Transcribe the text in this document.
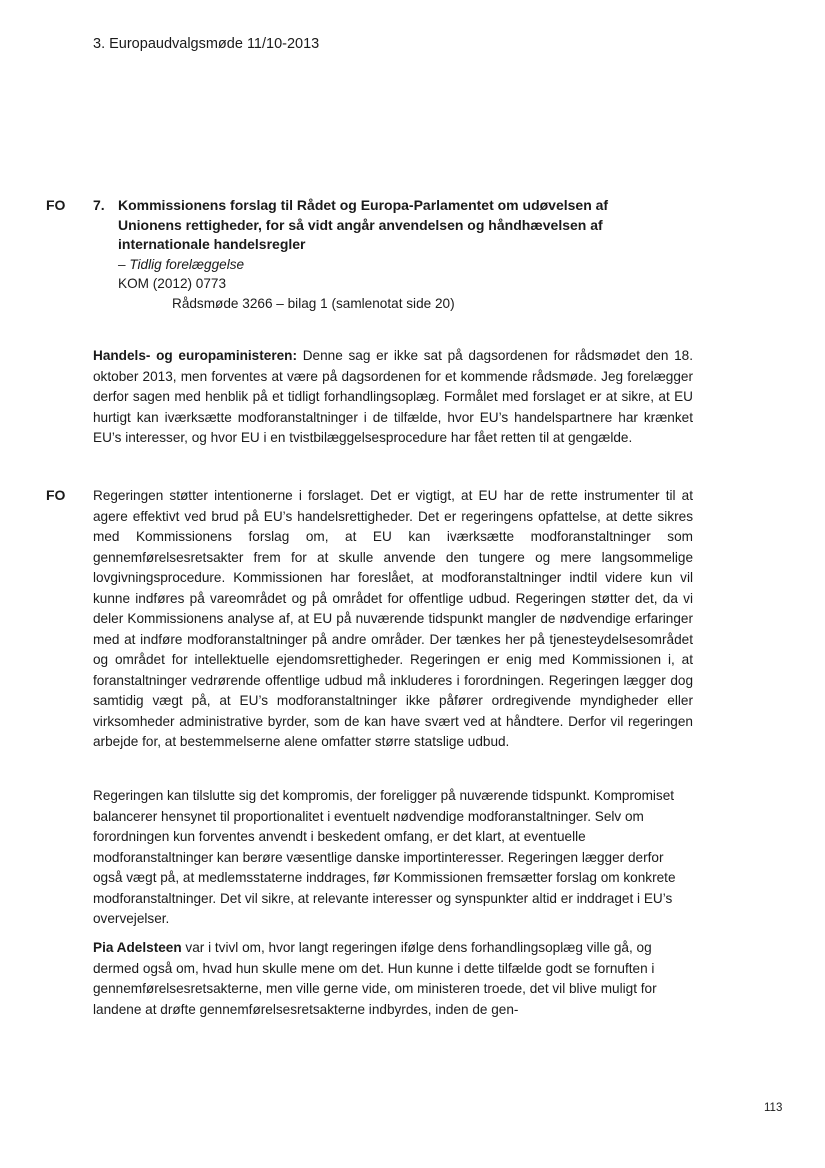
3. Europaudvalgsmøde 11/10-2013
FO 7. Kommissionens forslag til Rådet og Europa-Parlamentet om udøvelsen af Unionens rettigheder, for så vidt angår anvendelsen og håndhævelsen af internationale handelsregler
– Tidlig forelæggelse
KOM (2012) 0773
Rådsmøde 3266 – bilag 1 (samlenotat side 20)

Handels- og europaministeren: Denne sag er ikke sat på dagsordenen for rådsmødet den 18. oktober 2013, men forventes at være på dagsordenen for et kommende rådsmøde. Jeg forelægger derfor sagen med henblik på et tidligt forhandlingsoplæg. Formålet med forslaget er at sikre, at EU hurtigt kan iværksætte modforanstaltninger i de tilfælde, hvor EU’s handelspartnere har krænket EU’s interesser, og hvor EU i en tvistbilæggelsesprocedure har fået retten til at gengælde.

FO Regeringen støtter intentionerne i forslaget. Det er vigtigt, at EU har de rette instrumenter til at agere effektivt ved brud på EU’s handelsrettigheder. Det er regeringens opfattelse, at dette sikres med Kommissionens forslag om, at EU kan iværksætte modforanstaltninger som gennemførelsesretsakter frem for at skulle anvende den tungere og mere langsommelige lovgivningsprocedure. Kommissionen har foreslået, at modforanstaltninger indtil videre kun vil kunne indføres på vareområdet og på området for offentlige udbud. Regeringen støtter det, da vi deler Kommissionens analyse af, at EU på nuværende tidspunkt mangler de nødvendige erfaringer med at indføre modforanstaltninger på andre områder. Der tænkes her på tjenesteydelsesområdet og området for intellektuelle ejendomsrettigheder. Regeringen er enig med Kommissionen i, at foranstaltninger vedrørende offentlige udbud må inkluderes i forordningen. Regeringen lægger dog samtidig vægt på, at EU’s modforanstaltninger ikke påfører ordregivende myndigheder eller virksomheder administrative byrder, som de kan have svært ved at håndtere. Derfor vil regeringen arbejde for, at bestemmelserne alene omfatter større statslige udbud.

Regeringen kan tilslutte sig det kompromis, der foreligger på nuværende tidspunkt. Kompromiset balancerer hensynet til proportionalitet i eventuelt nødvendige modforanstaltninger. Selv om forordningen kun forventes anvendt i beskedent omfang, er det klart, at eventuelle modforanstaltninger kan berøre væsentlige danske importinteresser. Regeringen lægger derfor også vægt på, at medlemsstaterne inddrages, før Kommissionen fremsætter forslag om konkrete modforanstaltninger. Det vil sikre, at relevante interesser og synspunkter altid er inddraget i EU’s overvejelser.

Pia Adelsteen var i tvivl om, hvor langt regeringen ifølge dens forhandlingsoplæg ville gå, og dermed også om, hvad hun skulle mene om det. Hun kunne i dette tilfælde godt se fornuften i gennemførelsesretsakterne, men ville gerne vide, om ministeren troede, det vil blive muligt for landene at drøfte gennemførelsesretsakterne indbyrdes, inden de gen-

113
